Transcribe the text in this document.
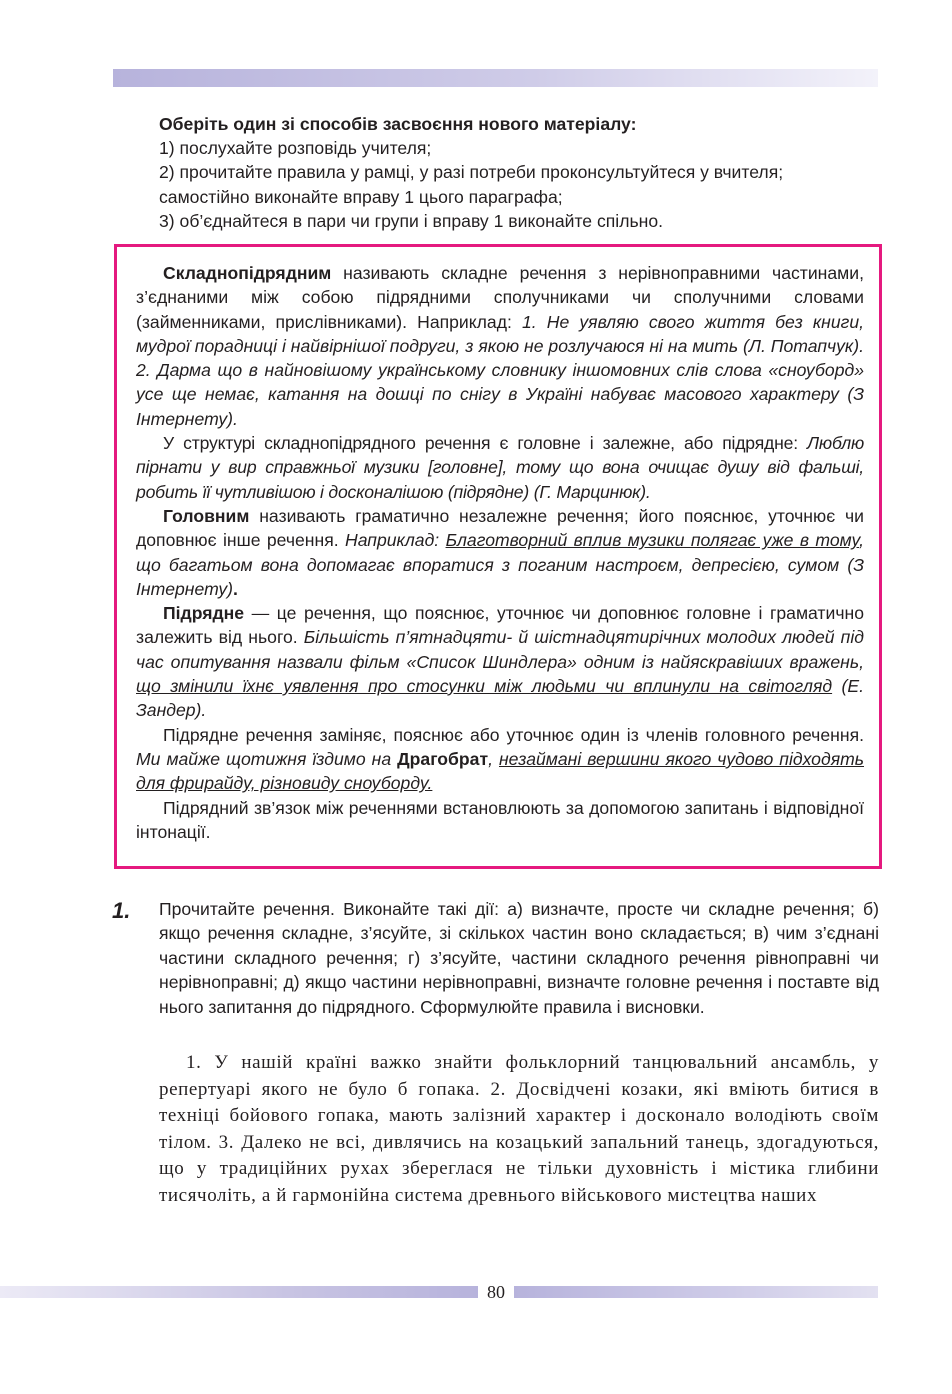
Оберіть один зі способів засвоєння нового матеріалу:

1) послухайте розповідь учителя;

2) прочитайте правила у рамці, у разі потреби проконсультуйтеся у вчителя;

самостійно виконайте вправу 1 цього параграфа;

3) об’єднайтеся в пари чи групи і вправу 1 виконайте спільно.

Складнопідрядним називають складне речення з нерівноправними частинами, з’єднаними між собою підрядними сполучниками чи сполучними словами (займенниками, прислівниками). Наприклад: 1. Не уявляю свого життя без книги, мудрої порадниці і найвірнішої подруги, з якою не розлучаюся ні на мить (Л. Потапчук). 2. Дарма що в найновішому українському словнику іншомовних слів слова «сноуборд» усе ще немає, катання на дошці по снігу в Україні набуває масового характеру (З Інтернету).

У структурі складнопідрядного речення є головне і залежне, або підрядне: Люблю пірнати у вир справжньої музики [головне], тому що вона очищає душу від фальші, робить її чутливішою і досконалішою (підрядне) (Г. Марцинюк).

Головним називають граматично незалежне речення; його пояснює, уточнює чи доповнює інше речення. Наприклад: Благотворний вплив музики полягає уже в тому, що багатьом вона допомагає впоратися з поганим настроєм, депресією, сумом (З Інтернету).

Підрядне — це речення, що пояснює, уточнює чи доповнює головне і граматично залежить від нього. Більшість п’ятнадцяти- й шістнадцятирічних молодих людей під час опитування назвали фільм «Список Шиндлера» одним із найяскравіших вражень, що змінили їхнє уявлення про стосунки між людьми чи вплинули на світогляд (Е. Зандер).

Підрядне речення заміняє, пояснює або уточнює один із членів головного речення. Ми майже щотижня їздимо на Драгобрат, незаймані вершини якого чудово підходять для фрирайду, різновиду сноуборду.

Підрядний зв’язок між реченнями встановлюють за допомогою запитань і відповідної інтонації.

1. Прочитайте речення. Виконайте такі дії: а) визначте, просте чи складне речення; б) якщо речення складне, з’ясуйте, зі скількох частин воно складається; в) чим з’єднані частини складного речення; г) з’ясуйте, частини складного речення рівноправні чи нерівноправні; д) якщо частини нерівноправні, визначте головне речення і поставте від нього запитання до підрядного. Сформулюйте правила і висновки.

1. У нашій країні важко знайти фольклорний танцювальний ансамбль, у репертуарі якого не було б гопака. 2. Досвідчені козаки, які вміють битися в техніці бойового гопака, мають залізний характер і досконало володіють своїм тілом. 3. Далеко не всі, дивлячись на козацький запальний танець, здогадуються, що у традиційних рухах збереглася не тільки духовність і містика глибини тисячоліть, а й гармонійна система древнього військового мистецтва наших

80
